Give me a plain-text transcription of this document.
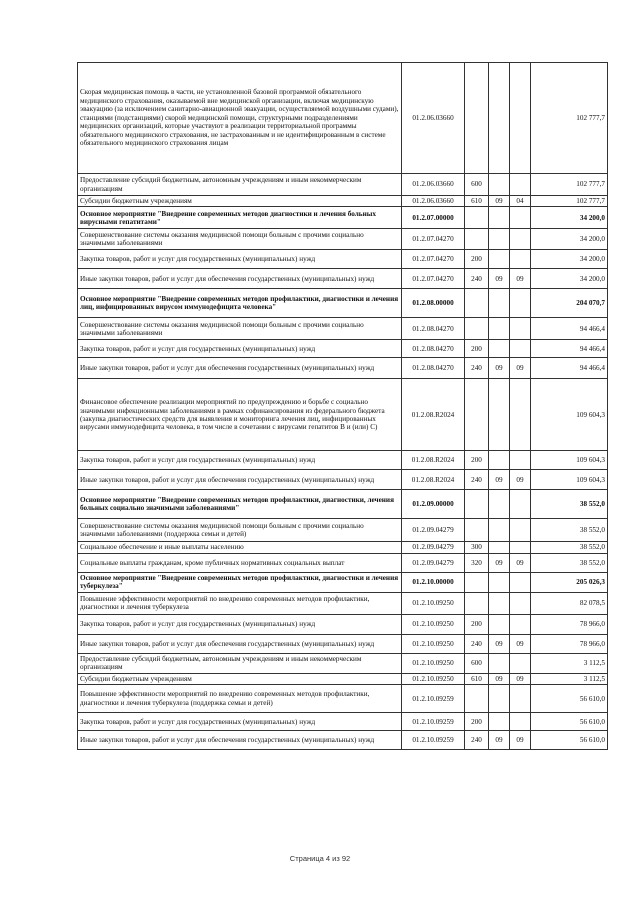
Скорая медицинская помощь в части, не установленной базовой программой обязательного медицинского страхования, оказываемой вне медицинской организации, включая медицинскую эвакуацию (за исключением санитарно-авиационной эвакуации, осуществляемой воздушными судами), станциями (подстанциями) скорой медицинской помощи, структурными подразделениями медицинских организаций, которые участвуют в реализации территориальной программы обязательного медицинского страхования, не застрахованным и не идентифицированным в системе обязательного медицинского страхования лицам	01.2.06.03660				102 777,7
Предоставление субсидий бюджетным, автономным учреждениям и иным некоммерческим организациям	01.2.06.03660	600			102 777,7
Субсидии бюджетным учреждениям	01.2.06.03660	610	09	04	102 777,7
Основное мероприятие "Внедрение современных методов диагностики и лечения больных вирусными гепатитами"	01.2.07.00000				34 200,0
Совершенствование системы оказания медицинской помощи больным с прочими социально значимыми заболеваниями	01.2.07.04270				34 200,0
Закупка товаров, работ и услуг для государственных (муниципальных) нужд	01.2.07.04270	200			34 200,0
Иные закупки товаров, работ и услуг для обеспечения государственных (муниципальных) нужд	01.2.07.04270	240	09	09	34 200,0
Основное мероприятие "Внедрение современных методов профилактики, диагностики и лечения лиц, инфицированных вирусом иммунодефицита человека"	01.2.08.00000				204 070,7
Совершенствование системы оказания медицинской помощи больным с прочими социально значимыми заболеваниями	01.2.08.04270				94 466,4
Закупка товаров, работ и услуг для государственных (муниципальных) нужд	01.2.08.04270	200			94 466,4
Иные закупки товаров, работ и услуг для обеспечения государственных (муниципальных) нужд	01.2.08.04270	240	09	09	94 466,4
Финансовое обеспечение реализации мероприятий по предупреждению и борьбе с социально значимыми инфекционными заболеваниями в рамках софинансирования из федерального бюджета (закупка диагностических средств для выявления и мониторинга лечения лиц, инфицированных вирусами иммунодефицита человека, в том числе в сочетании с вирусами гепатитов В и (или) С)	01.2.08.R2024				109 604,3
Закупка товаров, работ и услуг для государственных (муниципальных) нужд	01.2.08.R2024	200			109 604,3
Иные закупки товаров, работ и услуг для обеспечения государственных (муниципальных) нужд	01.2.08.R2024	240	09	09	109 604,3
Основное мероприятие "Внедрение современных методов профилактики, диагностики, лечения больных социально значимыми заболеваниями"	01.2.09.00000				38 552,0
Совершенствование системы оказания медицинской помощи больным с прочими социально значимыми заболеваниями (поддержка семьи и детей)	01.2.09.04279				38 552,0
Социальное обеспечение и иные выплаты населению	01.2.09.04279	300			38 552,0
Социальные выплаты гражданам, кроме публичных нормативных социальных выплат	01.2.09.04279	320	09	09	38 552,0
Основное мероприятие "Внедрение современных методов профилактики, диагностики и лечения туберкулеза"	01.2.10.00000				205 026,3
Повышение эффективности мероприятий по внедрению современных методов профилактики, диагностики и лечения туберкулеза	01.2.10.09250				82 078,5
Закупка товаров, работ и услуг для государственных (муниципальных) нужд	01.2.10.09250	200			78 966,0
Иные закупки товаров, работ и услуг для обеспечения государственных (муниципальных) нужд	01.2.10.09250	240	09	09	78 966,0
Предоставление субсидий бюджетным, автономным учреждениям и иным некоммерческим организациям	01.2.10.09250	600			3 112,5
Субсидии бюджетным учреждениям	01.2.10.09250	610	09	09	3 112,5
Повышение эффективности мероприятий по внедрению современных методов профилактики, диагностики и лечения туберкулеза (поддержка семьи и детей)	01.2.10.09259				56 610,0
Закупка товаров, работ и услуг для государственных (муниципальных) нужд	01.2.10.09259	200			56 610,0
Иные закупки товаров, работ и услуг для обеспечения государственных (муниципальных) нужд	01.2.10.09259	240	09	09	56 610,0
Страница 4 из 92
